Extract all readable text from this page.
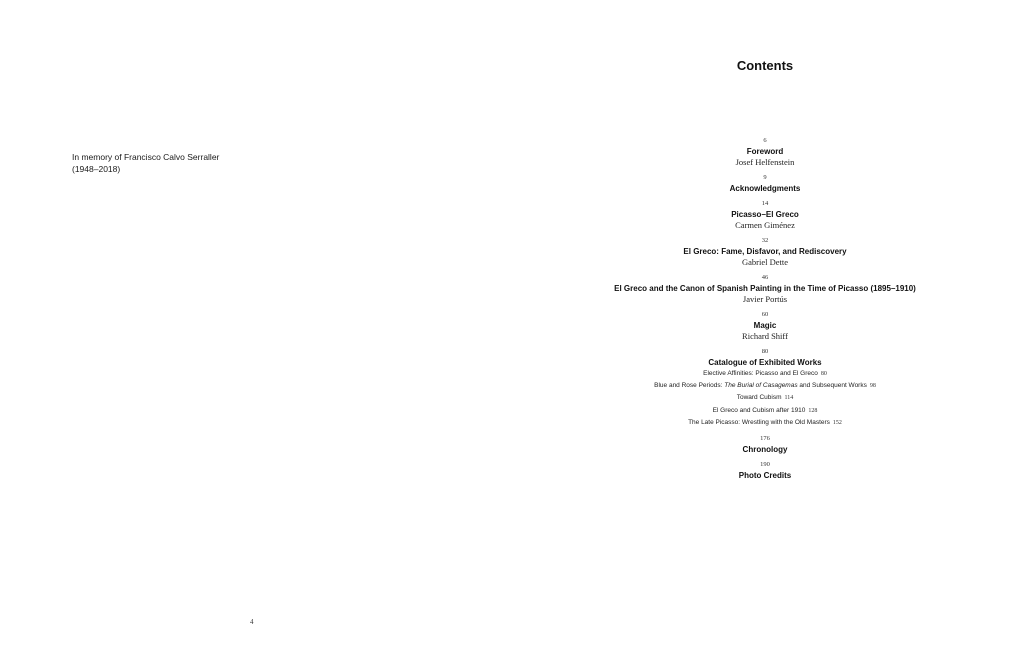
In memory of Francisco Calvo Serraller
(1948–2018)
4
Contents
6
Foreword
Josef Helfenstein
9
Acknowledgments
14
Picasso–El Greco
Carmen Giménez
32
El Greco: Fame, Disfavor, and Rediscovery
Gabriel Dette
46
El Greco and the Canon of Spanish Painting in the Time of Picasso (1895–1910)
Javier Portús
60
Magic
Richard Shiff
80
Catalogue of Exhibited Works
Elective Affinities: Picasso and El Greco 80
Blue and Rose Periods: The Burial of Casagemas and Subsequent Works 98
Toward Cubism 114
El Greco and Cubism after 1910 128
The Late Picasso: Wrestling with the Old Masters 152
176
Chronology
190
Photo Credits
